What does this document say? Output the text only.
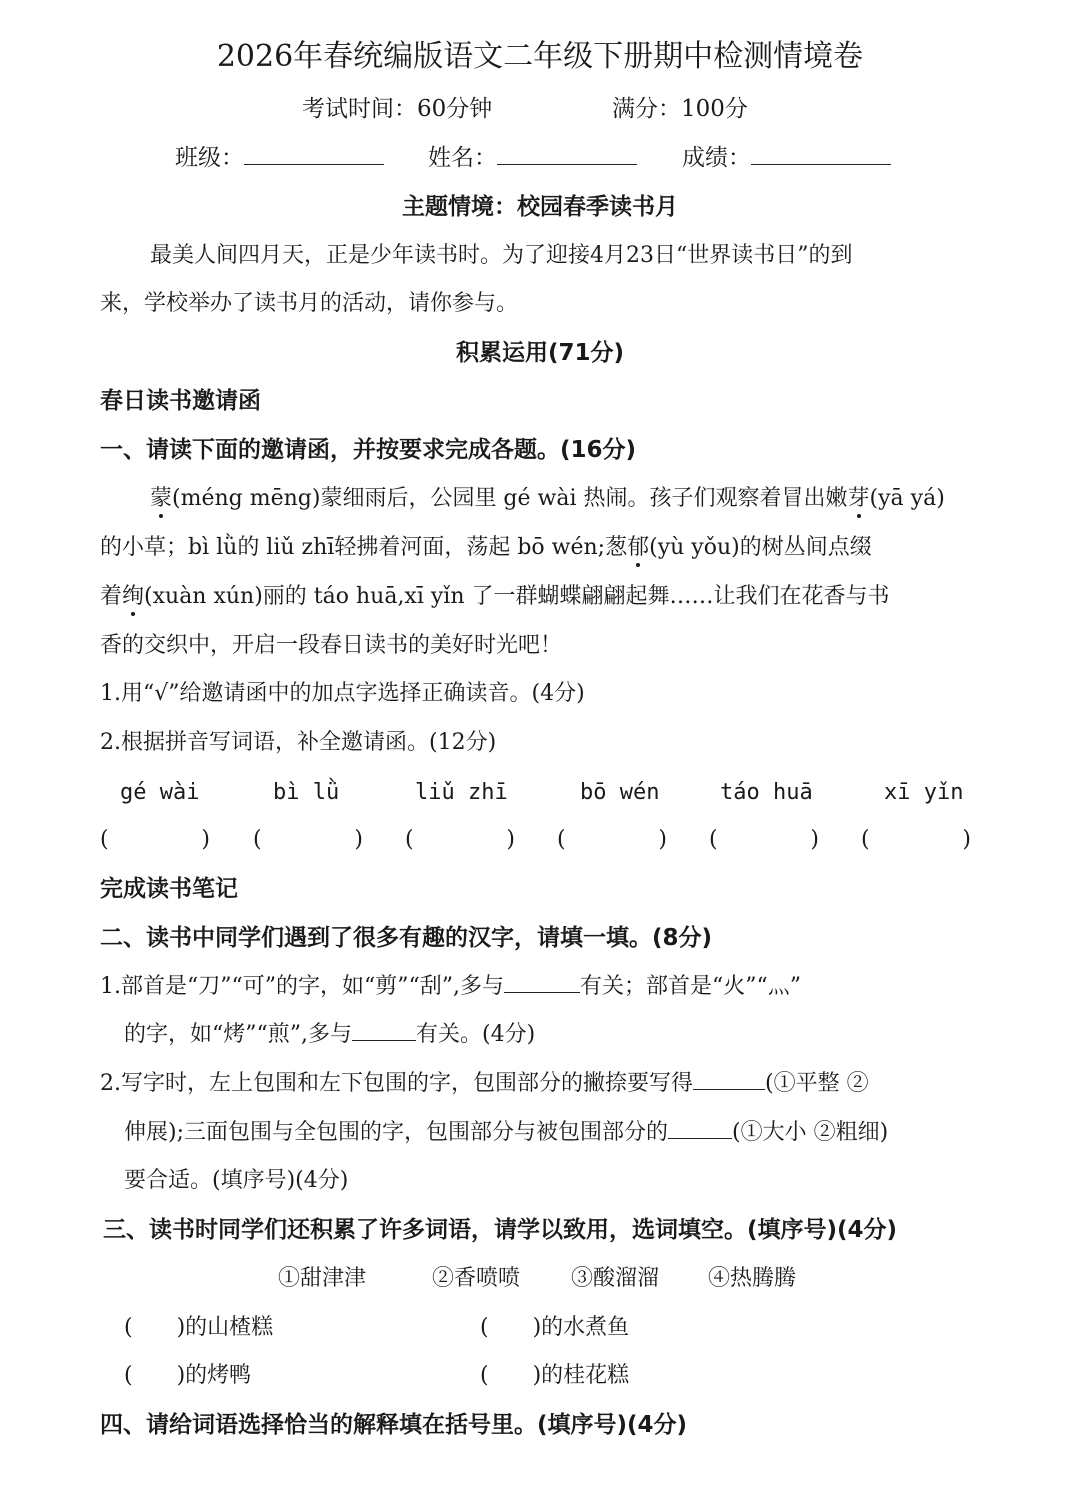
2026年春统编版语文二年级下册期中检测情境卷
考试时间：60分钟	满分：100分
班级：	姓名：	成绩：
主题情境：校园春季读书月
最美人间四月天，正是少年读书时。为了迎接4月23日“世界读书日”的到
来，学校举办了读书月的活动，请你参与。
积累运用(71分)
春日读书邀请函
一、请读下面的邀请函，并按要求完成各题。(16分)
蒙(méng mēng)蒙细雨后，公园里 gé wài 热闹。孩子们观察着冒出嫩芽(yā yá)
的小草；bì lǜ的 liǔ zhī轻拂着河面，荡起 bō wén;葱郁(yù yǒu)的树丛间点缀
着绚(xuàn xún)丽的 táo huā,xī yǐn 了一群蝴蝶翩翩起舞……让我们在花香与书
香的交织中，开启一段春日读书的美好时光吧！
1.用“√”给邀请函中的加点字选择正确读音。(4分)
2.根据拼音写词语，补全邀请函。(12分)
gé wài	bì lǜ	liǔ zhī	bō wén	táo huā	xī yǐn
(	) (	) (	) (	) (	) (	)
完成读书笔记
二、读书中同学们遇到了很多有趣的汉字，请填一填。(8分)
1.部首是“刀”“可”的字，如“剪”“刮”,多与	有关；部首是“火”“灬”
的字，如“烤”“煎”,多与	有关。(4分)
2.写字时，左上包围和左下包围的字，包围部分的撇捺要写得	(①平整 ②
伸展);三面包围与全包围的字，包围部分与被包围部分的	(①大小 ②粗细)
要合适。(填序号)(4分)
三、读书时同学们还积累了许多词语，请学以致用，选词填空。(填序号)(4分)
①甜津津	②香喷喷 ③酸溜溜 ④热腾腾
(　　)的山楂糕	(　　)的水煮鱼
(　　)的烤鸭	(　　)的桂花糕
四、请给词语选择恰当的解释填在括号里。(填序号)(4分)
